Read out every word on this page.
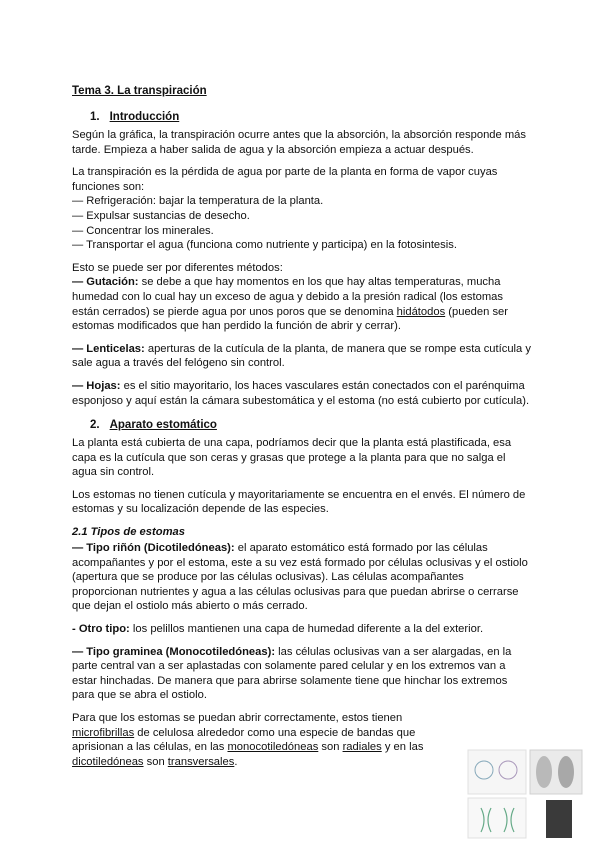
Tema 3. La transpiración
1. Introducción

Según la gráfica, la transpiración ocurre antes que la absorción, la absorción responde más tarde. Empieza a haber salida de agua y la absorción empieza a actuar después.

La transpiración es la pérdida de agua por parte de la planta en forma de vapor cuyas funciones son:

— Refrigeración: bajar la temperatura de la planta.
— Expulsar sustancias de desecho.
— Concentrar los minerales.
— Transportar el agua (funciona como nutriente y participa) en la fotosintesis.

Esto se puede ser por diferentes métodos:
— Gutación: se debe a que hay momentos en los que hay altas temperaturas, mucha humedad con lo cual hay un exceso de agua y debido a la presión radical (los estomas están cerrados) se pierde agua por unos poros que se denomina hidátodos (pueden ser estomas modificados que han perdido la función de abrir y cerrar).

— Lenticelas: aperturas de la cutícula de la planta, de manera que se rompe esta cutícula y sale agua a través del felógeno sin control.

— Hojas: es el sitio mayoritario, los haces vasculares están conectados con el parénquima esponjoso y aquí están la cámara subestomática y el estoma (no está cubierto por cutícula).

2. Aparato estomático

La planta está cubierta de una capa, podríamos decir que la planta está plastificada, esa capa es la cutícula que son ceras y grasas que protege a la planta para que no salga el agua sin control.

Los estomas no tienen cutícula y mayoritariamente se encuentra en el envés. El número de estomas y su localización depende de las especies.

2.1 Tipos de estomas

— Tipo riñón (Dicotiledóneas): el aparato estomático está formado por las células acompañantes y por el estoma, este a su vez está formado por células oclusivas y el ostiolo (apertura que se produce por las células oclusivas). Las células acompañantes proporcionan nutrientes y agua a las células oclusivas para que puedan abrirse o cerrarse que dejan el ostiolo más abierto o más cerrado.

- Otro tipo: los pelillos mantienen una capa de humedad diferente a la del exterior.

— Tipo graminea (Monocotiledóneas): las células oclusivas van a ser alargadas, en la parte central van a ser aplastadas con solamente pared celular y en los extremos van a estar hinchadas. De manera que para abrirse solamente tiene que hinchar los extremos para que se abra el ostiolo.

Para que los estomas se puedan abrir correctamente, estos tienen microfibrillas de celulosa alrededor como una especie de bandas que aprisionan a las células, en las monocotiledóneas son radiales y en las dicotiledóneas son transversales.
